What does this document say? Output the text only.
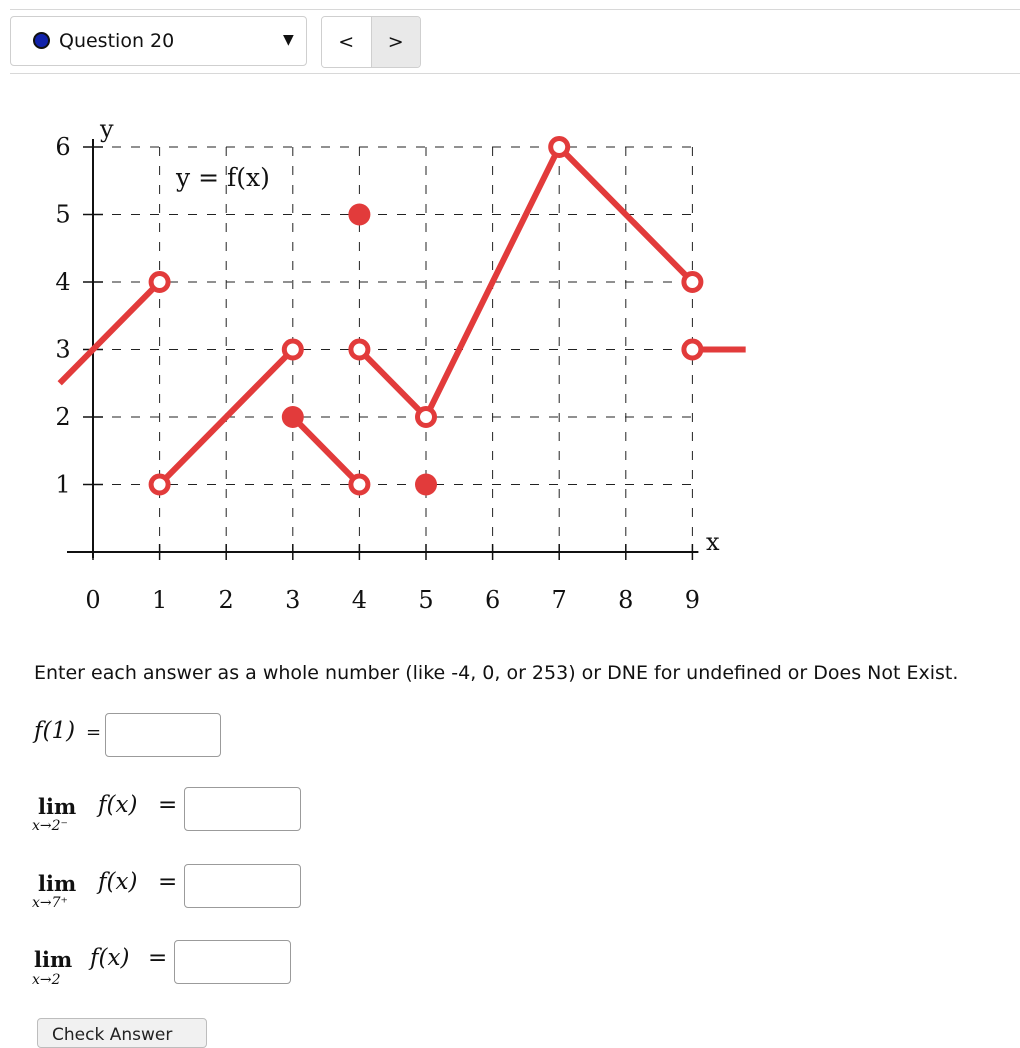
Question 20	▼	<	>
0 1 2 3 4 5 6 7 8 9
1
2
3
4
5
6
y
x
y = f(x)
Enter each answer as a whole number (like -4, 0, or 253) or DNE for undefined or Does Not Exist.
f(1) =
lim
x→2⁻
f(x) =
lim
x→7⁺
f(x) =
lim
x→2
f(x) =
Check Answer
